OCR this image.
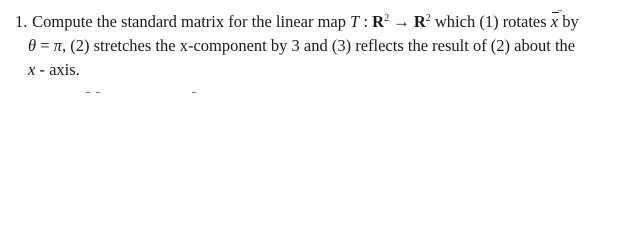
1. Compute the standard matrix for the linear map T : $R^2 \to R^2$ which (1) rotates x
→
by
θ = π, (2) stretches the x-component by 3 and (3) reflects the result of (2) about the
x - axis.
